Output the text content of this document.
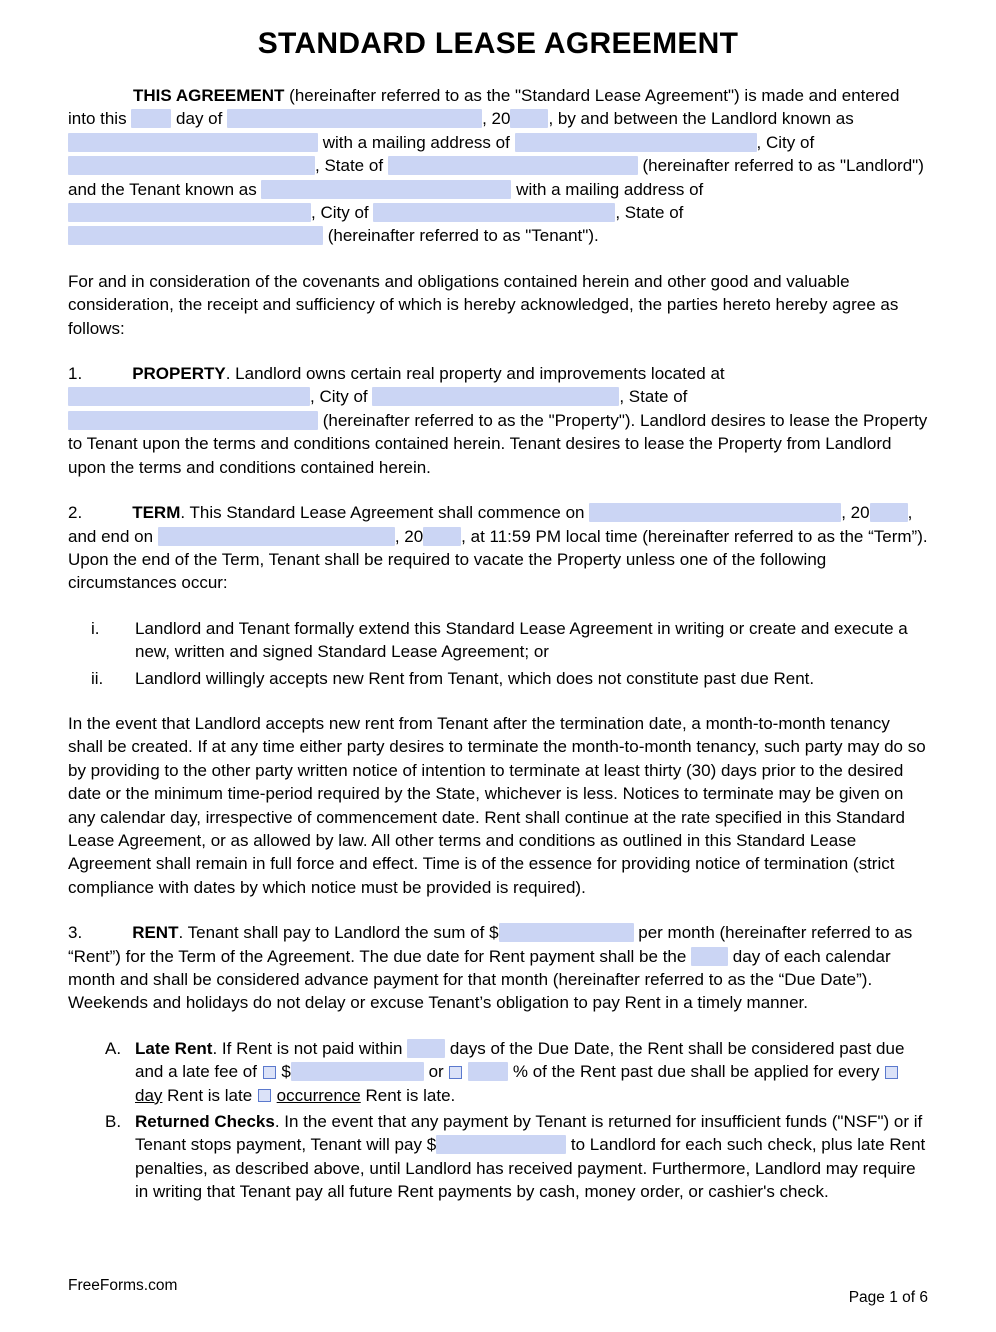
STANDARD LEASE AGREEMENT
THIS AGREEMENT (hereinafter referred to as the "Standard Lease Agreement") is made and entered into this  day of	, 20 , by and between the Landlord known as  with a mailing address of	, City of , State of	(hereinafter referred to as "Landlord") and the Tenant known as	with a mailing address of , City of	, State of  (hereinafter referred to as "Tenant").
For and in consideration of the covenants and obligations contained herein and other good and valuable consideration, the receipt and sufficiency of which is hereby acknowledged, the parties hereto hereby agree as follows:
1.	PROPERTY. Landlord owns certain real property and improvements located at , City of	, State of  (hereinafter referred to as the "Property"). Landlord desires to lease the Property to Tenant upon the terms and conditions contained herein. Tenant desires to lease the Property from Landlord upon the terms and conditions contained herein.
2.	TERM. This Standard Lease Agreement shall commence on	, 20 , and end on	, 20 , at 11:59 PM local time (hereinafter referred to as the “Term”). Upon the end of the Term, Tenant shall be required to vacate the Property unless one of the following circumstances occur:
i.	Landlord and Tenant formally extend this Standard Lease Agreement in writing or create and execute a new, written and signed Standard Lease Agreement; or
ii.	Landlord willingly accepts new Rent from Tenant, which does not constitute past due Rent.
In the event that Landlord accepts new rent from Tenant after the termination date, a month-to-month tenancy shall be created. If at any time either party desires to terminate the month-to-month tenancy, such party may do so by providing to the other party written notice of intention to terminate at least thirty (30) days prior to the desired date or the minimum time-period required by the State, whichever is less. Notices to terminate may be given on any calendar day, irrespective of commencement date. Rent shall continue at the rate specified in this Standard Lease Agreement, or as allowed by law. All other terms and conditions as outlined in this Standard Lease Agreement shall remain in full force and effect. Time is of the essence for providing notice of termination (strict compliance with dates by which notice must be provided is required).
3.	RENT. Tenant shall pay to Landlord the sum of $	per month (hereinafter referred to as “Rent”) for the Term of the Agreement. The due date for Rent payment shall be the  day of each calendar month and shall be considered advance payment for that month (hereinafter referred to as the “Due Date”). Weekends and holidays do not delay or excuse Tenant’s obligation to pay Rent in a timely manner.
A. Late Rent. If Rent is not paid within  days of the Due Date, the Rent shall be considered past due and a late fee of  $	or	% of the Rent past due shall be applied for every  day Rent is late  occurrence Rent is late.
B. Returned Checks. In the event that any payment by Tenant is returned for insufficient funds ("NSF") or if Tenant stops payment, Tenant will pay $	to Landlord for each such check, plus late Rent penalties, as described above, until Landlord has received payment. Furthermore, Landlord may require in writing that Tenant pay all future Rent payments by cash, money order, or cashier's check.
FreeForms.com
Page 1 of 6
